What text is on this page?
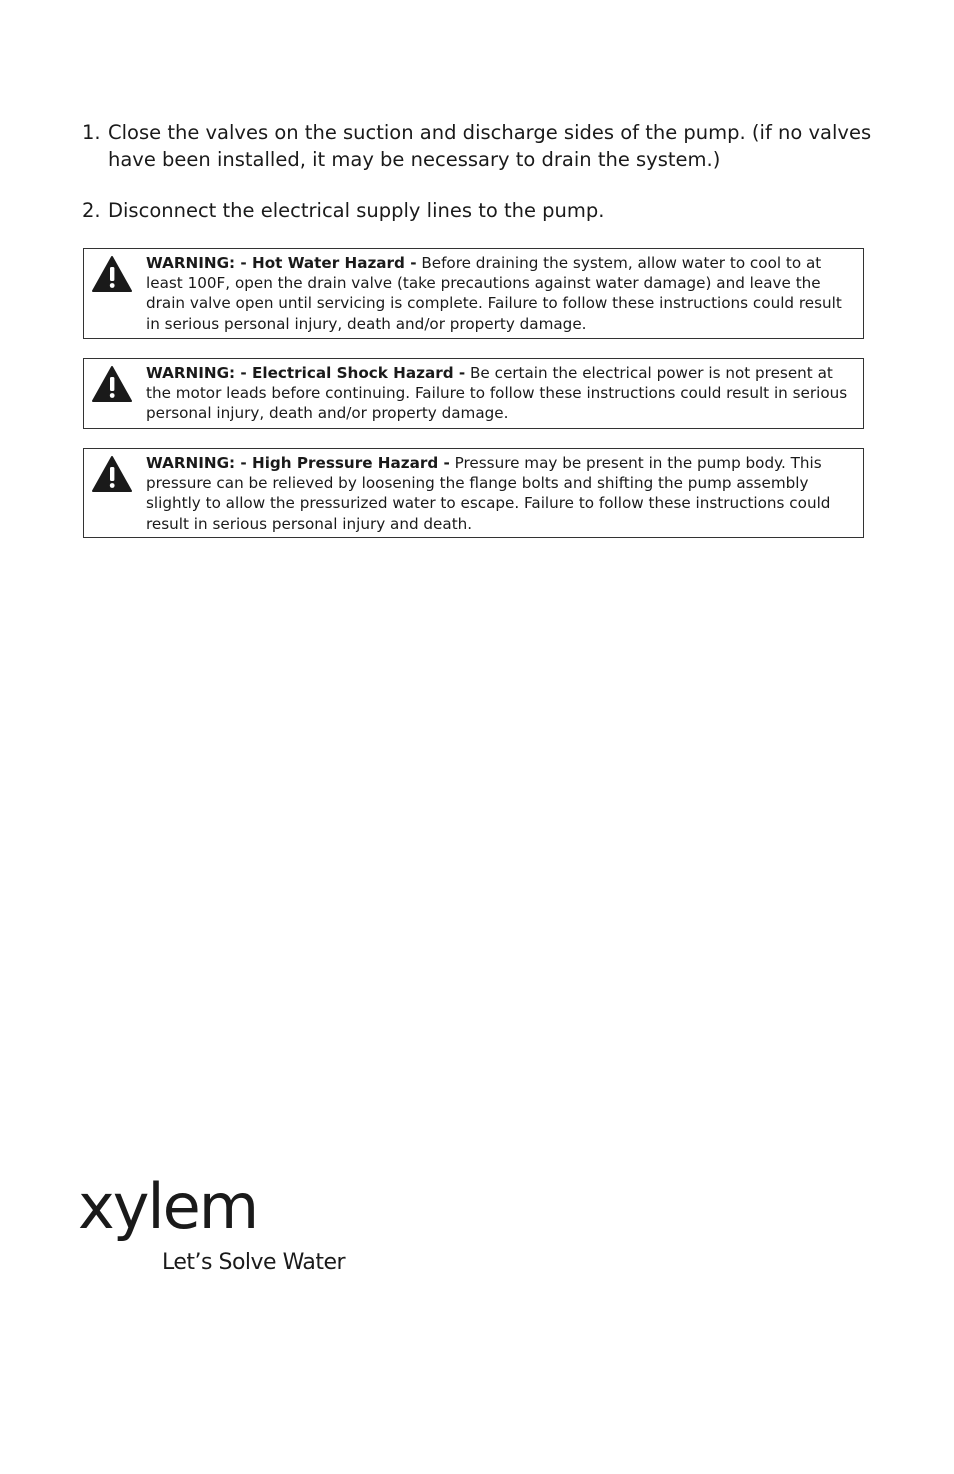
1. Close the valves on the suction and discharge sides of the pump. (if no valves have been installed, it may be necessary to drain the system.)
2. Disconnect the electrical supply lines to the pump.
WARNING: - Hot Water Hazard - Before draining the system, allow water to cool to at least 100F, open the drain valve (take precautions against water damage) and leave the drain valve open until servicing is complete. Failure to follow these instructions could result in serious personal injury, death and/or property damage.
WARNING: - Electrical Shock Hazard - Be certain the electrical power is not present at the motor leads before continuing. Failure to follow these instructions could result in serious personal injury, death and/or property damage.
WARNING: - High Pressure Hazard - Pressure may be present in the pump body. This pressure can be relieved by loosening the flange bolts and shifting the pump assembly slightly to allow the pressurized water to escape. Failure to follow these instructions could result in serious personal injury and death.
xylem
Let’s Solve Water
